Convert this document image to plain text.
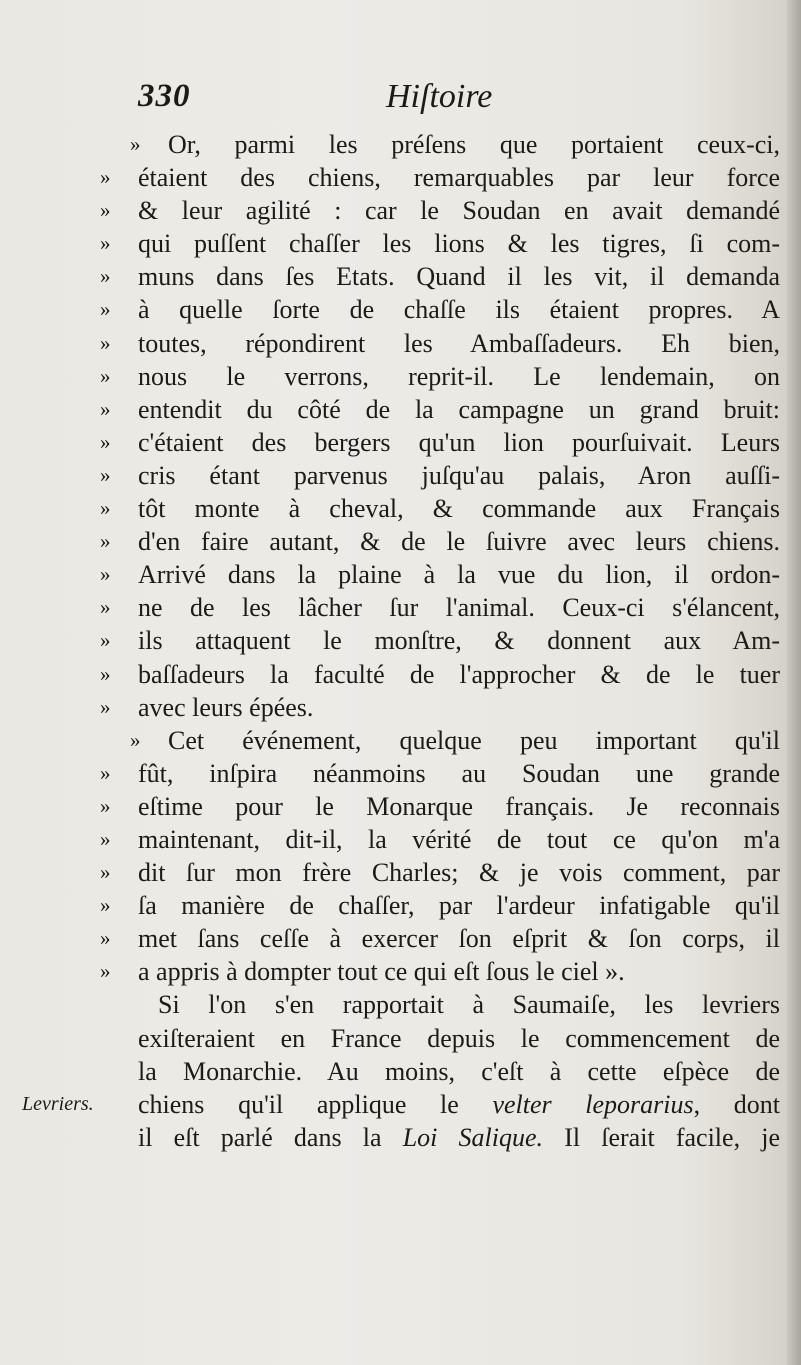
330	Hiſtoire
Levriers.
»	Or, parmi les préſens que portaient ceux-ci,
»	étaient des chiens, remarquables par leur force
»	& leur agilité : car le Soudan en avait demandé
»	qui puſſent chaſſer les lions & les tigres, ſi com-
»	muns dans ſes Etats. Quand il les vit, il demanda
»	à quelle ſorte de chaſſe ils étaient propres. A
»	toutes, répondirent les Ambaſſadeurs. Eh bien,
»	nous le verrons, reprit-il. Le lendemain, on
»	entendit du côté de la campagne un grand bruit:
»	c'étaient des bergers qu'un lion pourſuivait. Leurs
»	cris étant parvenus juſqu'au palais, Aron auſſi-
»	tôt monte à cheval, & commande aux Français
»	d'en faire autant, & de le ſuivre avec leurs chiens.
»	Arrivé dans la plaine à la vue du lion, il ordon-
»	ne de les lâcher ſur l'animal. Ceux-ci s'élancent,
»	ils attaquent le monſtre, & donnent aux Am-
»	baſſadeurs la faculté de l'approcher & de le tuer
»	avec leurs épées.
»	Cet événement, quelque peu important qu'il
»	fût, inſpira néanmoins au Soudan une grande
»	eſtime pour le Monarque français. Je reconnais
»	maintenant, dit-il, la vérité de tout ce qu'on m'a
»	dit ſur mon frère Charles; & je vois comment, par
»	ſa manière de chaſſer, par l'ardeur infatigable qu'il
»	met ſans ceſſe à exercer ſon eſprit & ſon corps, il
»	a appris à dompter tout ce qui eſt ſous le ciel ».
Si l'on s'en rapportait à Saumaiſe, les levriers
exiſteraient en France depuis le commencement de
la Monarchie. Au moins, c'eſt à cette eſpèce de
chiens qu'il applique le velter leporarius, dont
il eſt parlé dans la Loi Salique. Il ſerait facile, je
